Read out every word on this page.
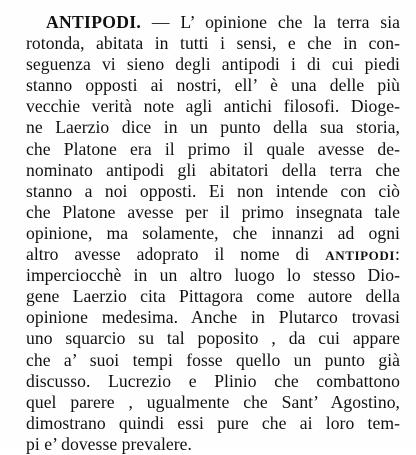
ANTIPODI. — L’ opinione che la terra sia
rotonda, abitata in tutti i sensi, e che in con-
seguenza vi sieno degli antipodi i di cui piedi
stanno opposti ai nostri, ell’ è una delle più
vecchie verità note agli antichi filosofi. Dioge-
ne Laerzio dice in un punto della sua storia,
che Platone era il primo il quale avesse de-
nominato antipodi gli abitatori della terra che
stanno a noi opposti. Ei non intende con ciò
che Platone avesse per il primo insegnata tale
opinione, ma solamente, che innanzi ad ogni
altro avesse adoprato il nome di ANTIPODI:
imperciocchè in un altro luogo lo stesso Dio-
gene Laerzio cita Pittagora come autore della
opinione medesima. Anche in Plutarco trovasi
uno squarcio su tal poposito , da cui appare
che a’ suoi tempi fosse quello un punto già
discusso. Lucrezio e Plinio che combattono
quel parere , ugualmente che Sant’ Agostino,
dimostrano quindi essi pure che ai loro tem-
pi e’ dovesse prevalere.
